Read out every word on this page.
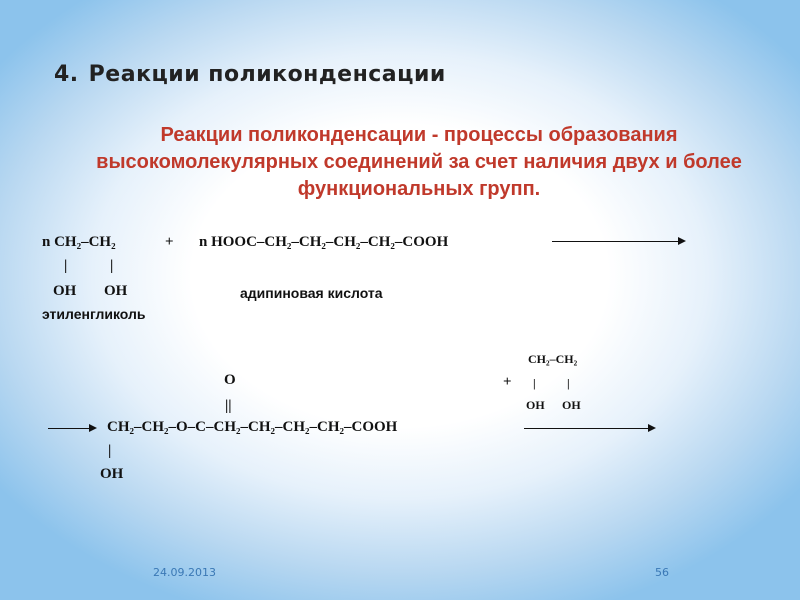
4. Реакции поликонденсации
Реакции поликонденсации - процессы образования высокомолекулярных соединений за счет наличия двух и более функциональных групп.
n CH₂–CH₂	+ n HOOC–CH₂–CH₂–CH₂–CH₂–COOH
|	|
OH OH	адипиновая кислота
этиленгликоль
O
||
+
CH₂–CH₂
|	|
OH OH
CH₂–CH₂–O–C–CH₂–CH₂–CH₂–CH₂–COOH
|
OH
24.09.2013	56
